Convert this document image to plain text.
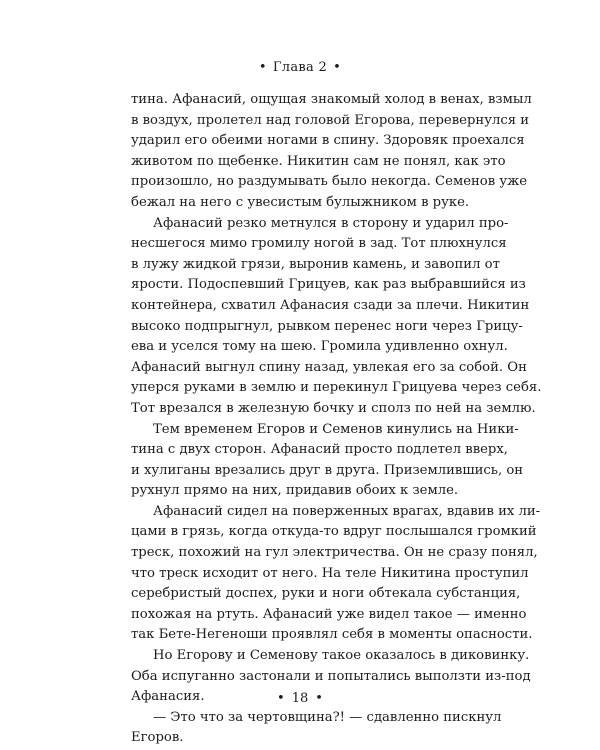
• Глава 2 •
тина. Афанасий, ощущая знакомый холод в венах, взмыл
в воздух, пролетел над головой Егорова, перевернулся и
ударил его обеими ногами в спину. Здоровяк проехался
животом по щебенке. Никитин сам не понял, как это
произошло, но раздумывать было некогда. Семенов уже
бежал на него с увесистым булыжником в руке.
Афанасий резко метнулся в сторону и ударил про-
несшегося мимо громилу ногой в зад. Тот плюхнулся
в лужу жидкой грязи, выронив камень, и завопил от
ярости. Подоспевший Грицуев, как раз выбравшийся из
контейнера, схватил Афанасия сзади за плечи. Никитин
высоко подпрыгнул, рывком перенес ноги через Грицу-
ева и уселся тому на шею. Громила удивленно охнул.
Афанасий выгнул спину назад, увлекая его за собой. Он
уперся руками в землю и перекинул Грицуева через себя.
Тот врезался в железную бочку и сполз по ней на землю.
Тем временем Егоров и Семенов кинулись на Ники-
тина с двух сторон. Афанасий просто подлетел вверх,
и хулиганы врезались друг в друга. Приземлившись, он
рухнул прямо на них, придавив обоих к земле.
Афанасий сидел на поверженных врагах, вдавив их ли-
цами в грязь, когда откуда-то вдруг послышался громкий
треск, похожий на гул электричества. Он не сразу понял,
что треск исходит от него. На теле Никитина проступил
серебристый доспех, руки и ноги обтекала субстанция,
похожая на ртуть. Афанасий уже видел такое — именно
так Бете-Негеноши проявлял себя в моменты опасности.
Но Егорову и Семенову такое оказалось в диковинку.
Оба испуганно застонали и попытались выползти из-под
Афанасия.
— Это что за чертовщина?! — сдавленно пискнул
Егоров.
• 18 •
